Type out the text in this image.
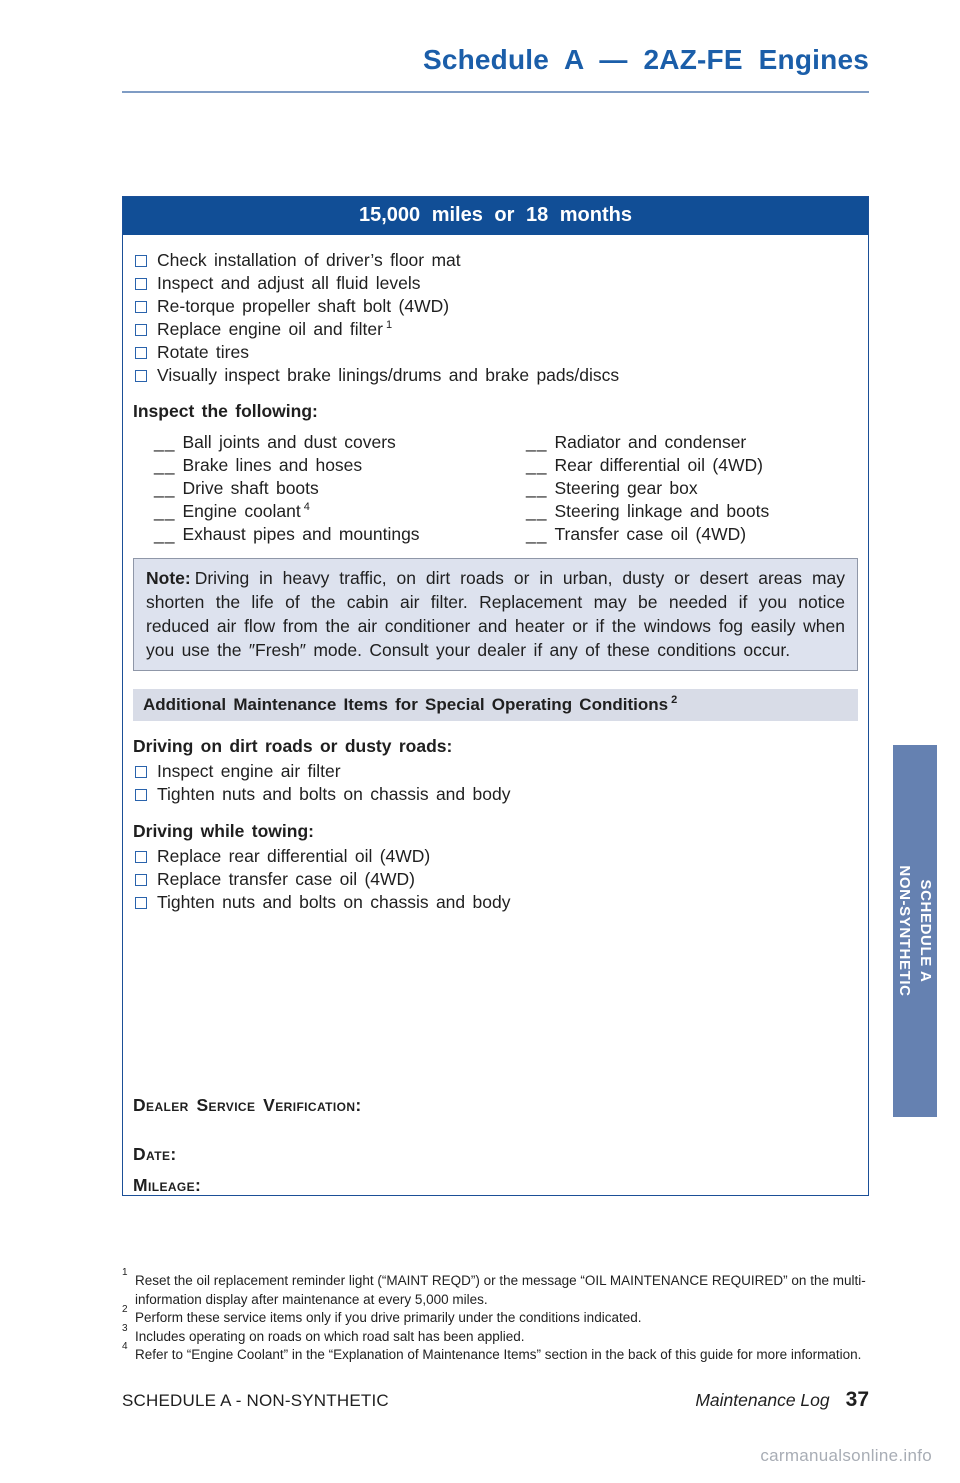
Schedule A — 2AZ-FE Engines
15,000 miles or 18 months
Check installation of driver’s floor mat
Inspect and adjust all fluid levels
Re-torque propeller shaft bolt (4WD)
Replace engine oil and filter $^1$
Rotate tires
Visually inspect brake linings/drums and brake pads/discs

Inspect the following:

__ Ball joints and dust covers
__ Brake lines and hoses
__ Drive shaft boots
__ Engine coolant $^4$
__ Exhaust pipes and mountings
__ Radiator and condenser
__ Rear differential oil (4WD)
__ Steering gear box
__ Steering linkage and boots
__ Transfer case oil (4WD)
Note: Driving in heavy traffic, on dirt roads or in urban, dusty or desert areas may shorten the life of the cabin air filter. Replacement may be needed if you notice reduced air flow from the air conditioner and heater or if the windows fog easily when you use the ″Fresh″ mode. Consult your dealer if any of these conditions occur.
Additional Maintenance Items for Special Operating Conditions $^2$

Driving on dirt roads or dusty roads:

Inspect engine air filter
Tighten nuts and bolts on chassis and body

Driving while towing:

Replace rear differential oil (4WD)
Replace transfer case oil (4WD)
Tighten nuts and bolts on chassis and body

Dealer Service Verification:

Date:

Mileage:

SCHEDULE A
NON-SYNTHETIC
1
Reset the oil replacement reminder light (“MAINT REQD”) or the message “OIL MAINTENANCE REQUIRED” on the multi-information display after maintenance at every 5,000 miles.
2
Perform these service items only if you drive primarily under the conditions indicated.
3
Includes operating on roads on which road salt has been applied.
4
Refer to “Engine Coolant” in the “Explanation of Maintenance Items” section in the back of this guide for more information.
SCHEDULE A - NON-SYNTHETIC	Maintenance Log 37
carmanualsonline.info
